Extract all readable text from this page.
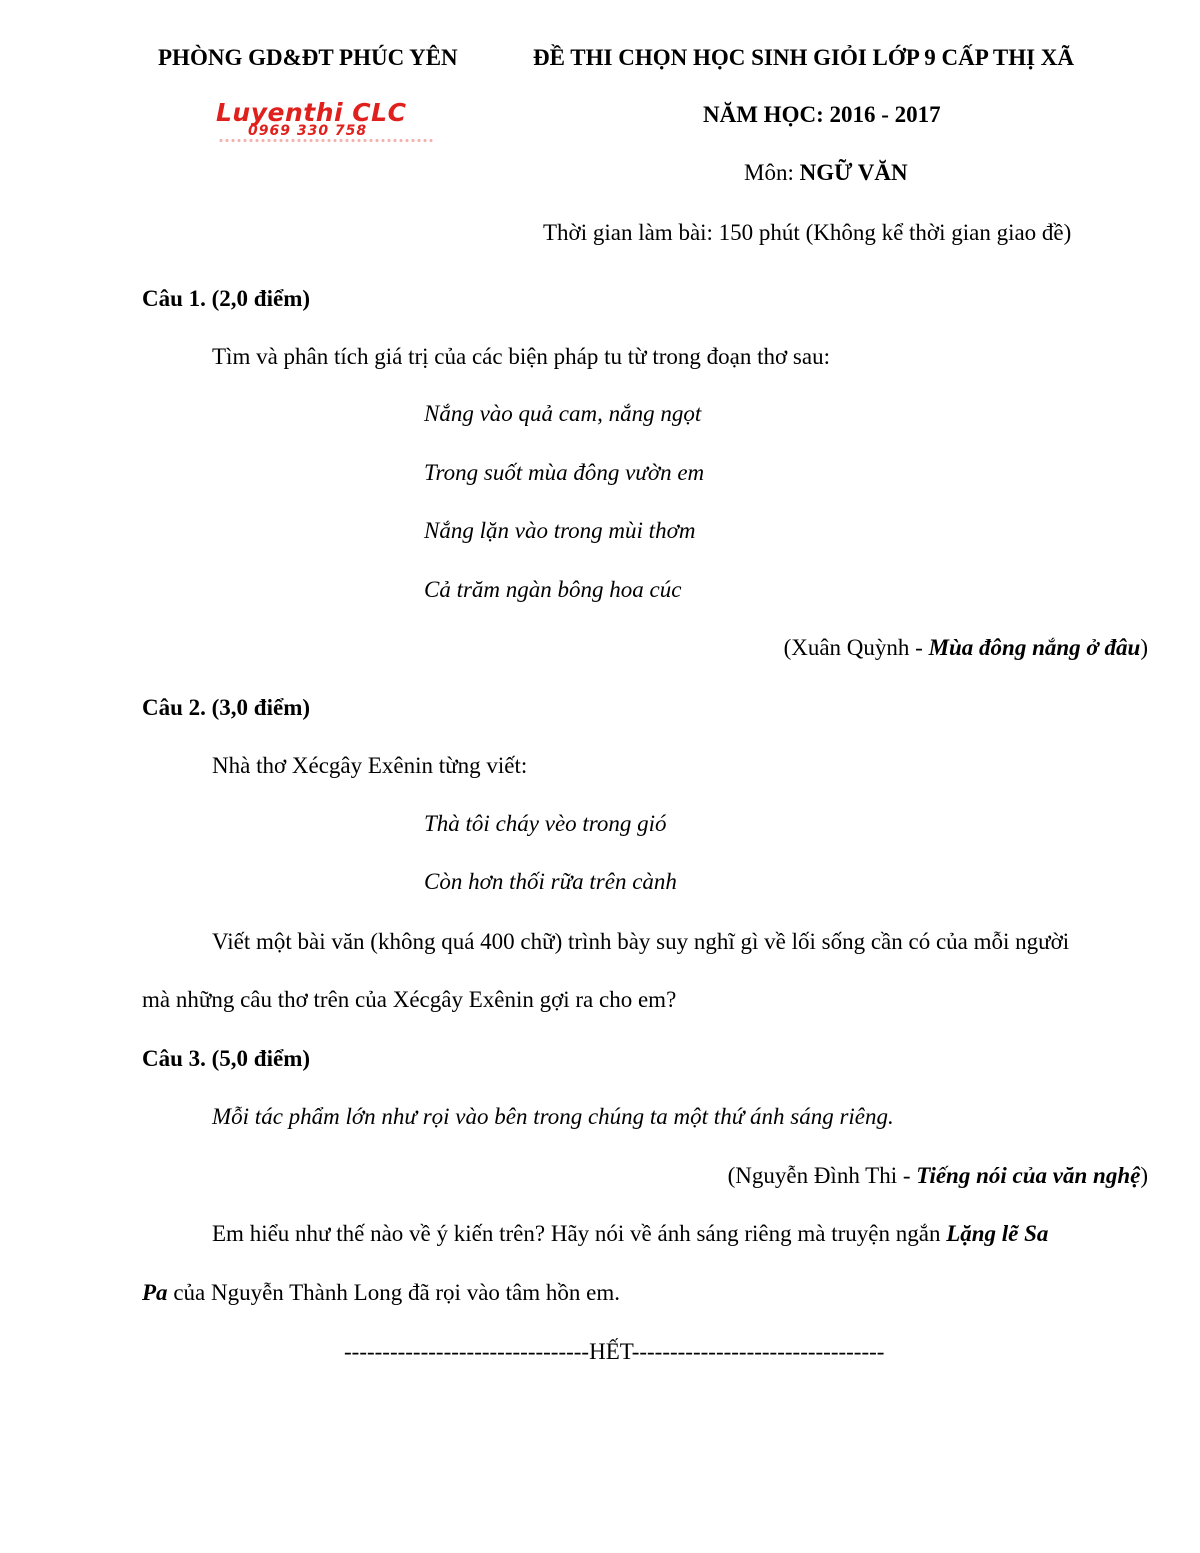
PHÒNG GD&ĐT PHÚC YÊN	ĐỀ THI CHỌN HỌC SINH GIỎI LỚP 9 CẤP THỊ XÃ
Luyenthi CLC
0969 330 758
NĂM HỌC: 2016 - 2017
Môn: NGỮ VĂN
Thời gian làm bài: 150 phút (Không kể thời gian giao đề)
Câu 1. (2,0 điểm)
Tìm và phân tích giá trị của các biện pháp tu từ trong đoạn thơ sau:
Nắng vào quả cam, nắng ngọt
Trong suốt mùa đông vườn em
Nắng lặn vào trong mùi thơm
Cả trăm ngàn bông hoa cúc
(Xuân Quỳnh - Mùa đông nắng ở đâu)
Câu 2. (3,0 điểm)
Nhà thơ Xécgây Exênin từng viết:
Thà tôi cháy vèo trong gió
Còn hơn thối rữa trên cành
Viết một bài văn (không quá 400 chữ) trình bày suy nghĩ gì về lối sống cần có của mỗi người
mà những câu thơ trên của Xécgây Exênin gợi ra cho em?
Câu 3. (5,0 điểm)
Mỗi tác phẩm lớn như rọi vào bên trong chúng ta một thứ ánh sáng riêng.
(Nguyễn Đình Thi - Tiếng nói của văn nghệ)
Em hiểu như thế nào về ý kiến trên? Hãy nói về ánh sáng riêng mà truyện ngắn Lặng lẽ Sa
Pa của Nguyễn Thành Long đã rọi vào tâm hồn em.
--------------------------------HẾT---------------------------------
